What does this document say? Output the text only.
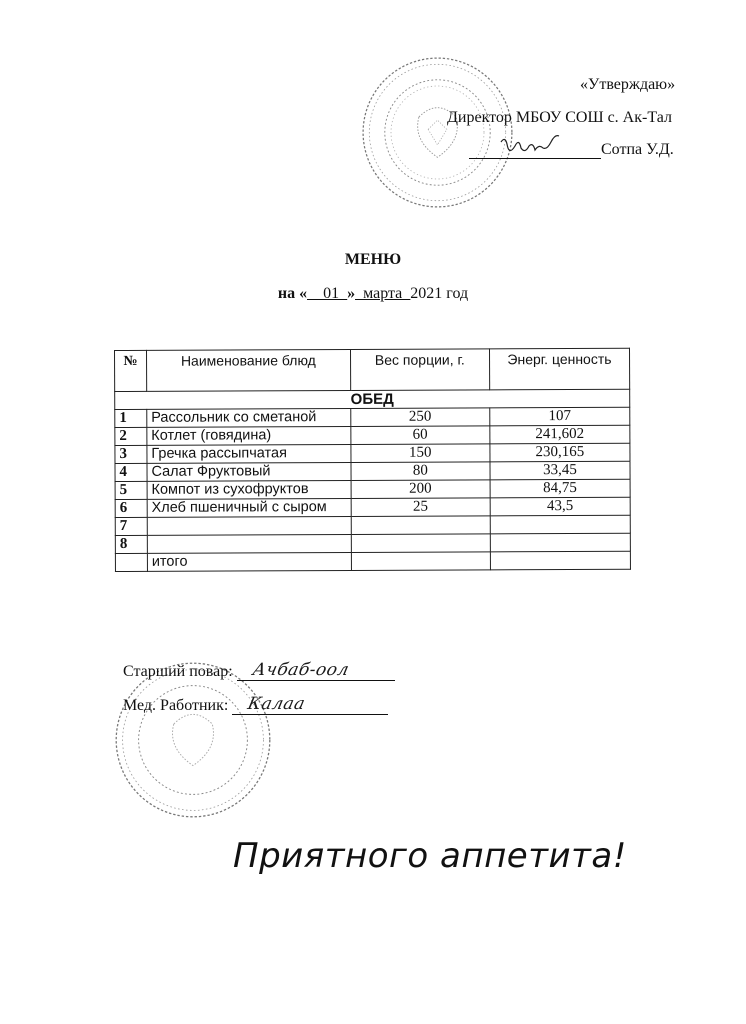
«Утверждаю»
Директор МБОУ СОШ с. Ак-Тал
Сотпа У.Д.
МЕНЮ
на «__01_»_марта_2021 год
№	Наименование блюд	Вес порции, г.	Энерг. ценность
ОБЕД			
1	Рассольник со сметаной	250	107
2	Котлет (говядина)	60	241,602
3	Гречка рассыпчатая	150	230,165
4	Салат Фруктовый	80	33,45
5	Компот из сухофруктов	200	84,75
6	Хлеб пшеничный с сыром	25	43,5
7			
8			
	итого		
Старший повар: Ачбаб-оол
Мед. Работник: Калаа
Приятного аппетита!
